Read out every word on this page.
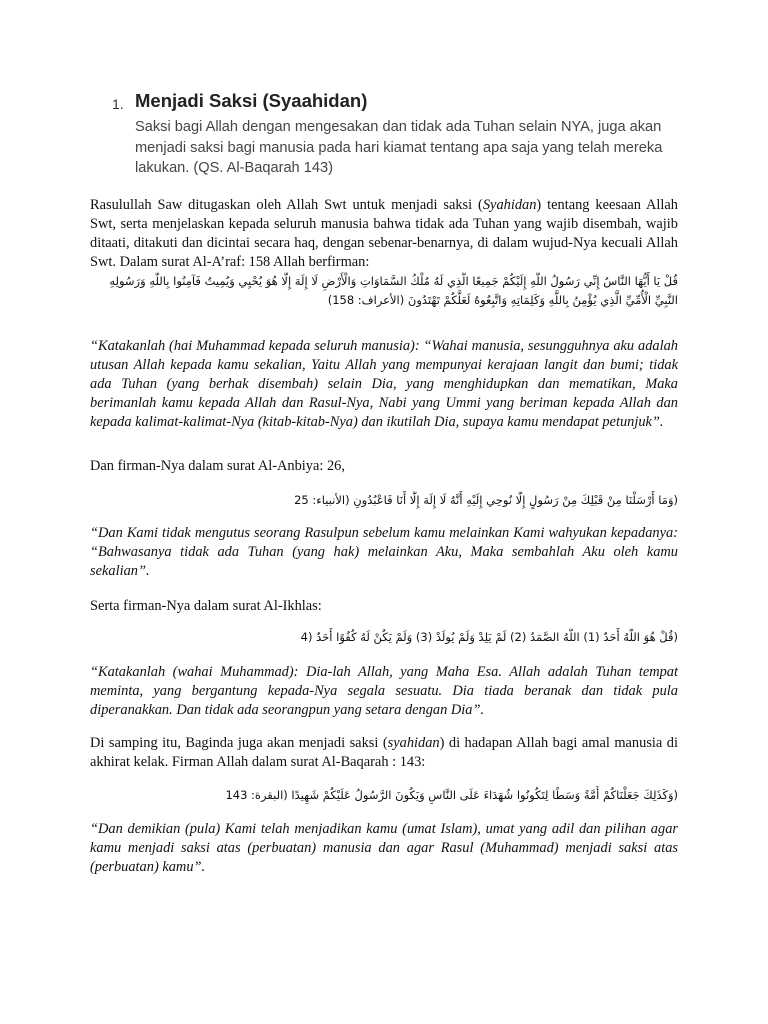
1. Menjadi Saksi (Syaahidan)
Saksi bagi Allah dengan mengesakan dan tidak ada Tuhan selain NYA, juga akan menjadi saksi bagi manusia pada hari kiamat tentang apa saja yang telah mereka lakukan. (QS. Al-Baqarah 143)

Rasulullah Saw ditugaskan oleh Allah Swt untuk menjadi saksi (Syahidan) tentang keesaan Allah Swt, serta menjelaskan kepada seluruh manusia bahwa tidak ada Tuhan yang wajib disembah, wajib ditaati, ditakuti dan dicintai secara haq, dengan sebenar-benarnya, di dalam wujud-Nya kecuali Allah Swt. Dalam surat Al-A’raf: 158 Allah berfirman:

قُلْ يَا أَيُّهَا النَّاسُ إِنِّي رَسُولُ اللَّهِ إِلَيْكُمْ جَمِيعًا الَّذِي لَهُ مُلْكُ السَّمَاوَاتِ وَالْأَرْضِ لَا إِلَهَ إِلَّا هُوَ يُحْيِي وَيُمِيتُ فَآمِنُوا بِاللَّهِ وَرَسُولِهِ
النَّبِيِّ الْأُمِّيِّ الَّذِي يُؤْمِنُ بِاللَّهِ وَكَلِمَاتِهِ وَاتَّبِعُوهُ لَعَلَّكُمْ تَهْتَدُونَ (الأعراف: 158)

“Katakanlah (hai Muhammad kepada seluruh manusia): “Wahai manusia, sesungguhnya aku adalah utusan Allah kepada kamu sekalian, Yaitu Allah yang mempunyai kerajaan langit dan bumi; tidak ada Tuhan (yang berhak disembah) selain Dia, yang menghidupkan dan mematikan, Maka berimanlah kamu kepada Allah dan Rasul-Nya, Nabi yang Ummi yang beriman kepada Allah dan kepada kalimat-kalimat-Nya (kitab-kitab-Nya) dan ikutilah Dia, supaya kamu mendapat petunjuk”.

Dan firman-Nya dalam surat Al-Anbiya: 26,

(وَمَا أَرْسَلْنَا مِنْ قَبْلِكَ مِنْ رَسُولٍ إِلَّا نُوحِي إِلَيْهِ أَنَّهُ لَا إِلَهَ إِلَّا أَنَا فَاعْبُدُونِ (الأنبياء: 25

“Dan Kami tidak mengutus seorang Rasulpun sebelum kamu melainkan Kami wahyukan kepadanya: “Bahwasanya tidak ada Tuhan (yang hak) melainkan Aku, Maka sembahlah Aku oleh kamu sekalian”.

Serta firman-Nya dalam surat Al-Ikhlas:

(قُلْ هُوَ اللَّهُ أَحَدٌ (1) اللَّهُ الصَّمَدُ (2) لَمْ يَلِدْ وَلَمْ يُولَدْ (3) وَلَمْ يَكُنْ لَهُ كُفُوًا أَحَدٌ (4

“Katakanlah (wahai Muhammad): Dia-lah Allah, yang Maha Esa. Allah adalah Tuhan tempat meminta, yang bergantung kepada-Nya segala sesuatu. Dia tiada beranak dan tidak pula diperanakkan. Dan tidak ada seorangpun yang setara dengan Dia”.

Di samping itu, Baginda juga akan menjadi saksi (syahidan) di hadapan Allah bagi amal manusia di akhirat kelak. Firman Allah dalam surat Al-Baqarah : 143:

(وَكَذَلِكَ جَعَلْنَاكُمْ أُمَّةً وَسَطًا لِتَكُونُوا شُهَدَاءَ عَلَى النَّاسِ وَيَكُونَ الرَّسُولُ عَلَيْكُمْ شَهِيدًا (البقرة: 143

“Dan demikian (pula) Kami telah menjadikan kamu (umat Islam), umat yang adil dan pilihan agar kamu menjadi saksi atas (perbuatan) manusia dan agar Rasul (Muhammad) menjadi saksi atas (perbuatan) kamu”.
